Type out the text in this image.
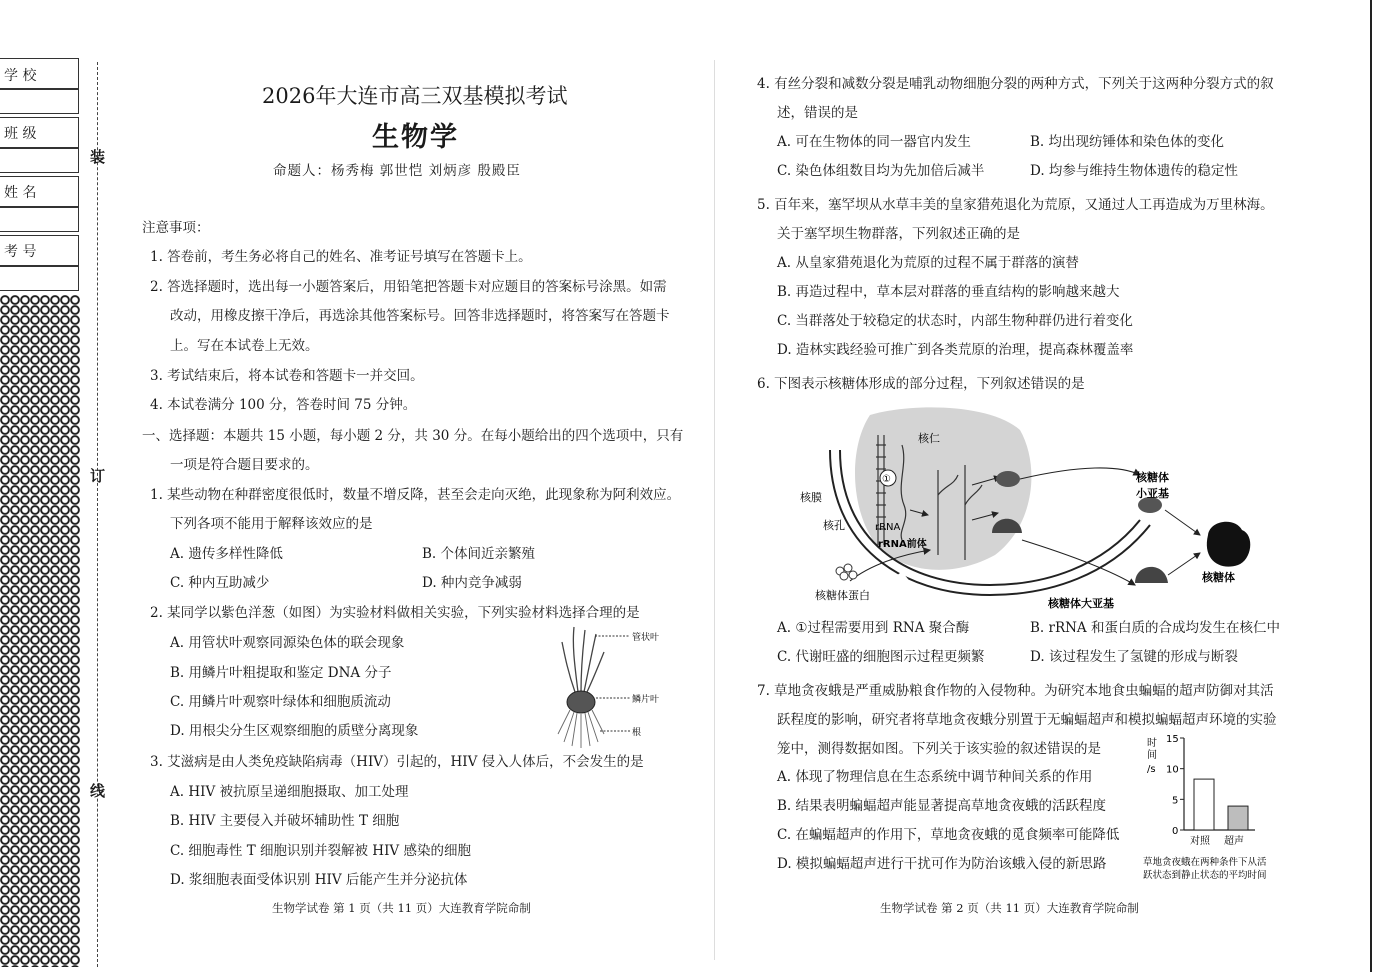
学 校
班 级
姓 名
考 号
装
订
线
2026年大连市高三双基模拟考试
生物学
命题人：杨秀梅 郭世恺 刘炳彦 殷殿臣
注意事项：
1. 答卷前，考生务必将自己的姓名、准考证号填写在答题卡上。
2. 答选择题时，选出每一小题答案后，用铅笔把答题卡对应题目的答案标号涂黑。如需
改动，用橡皮擦干净后，再选涂其他答案标号。回答非选择题时，将答案写在答题卡
上。写在本试卷上无效。
3. 考试结束后，将本试卷和答题卡一并交回。
4. 本试卷满分 100 分，答卷时间 75 分钟。
一、选择题：本题共 15 小题，每小题 2 分，共 30 分。在每小题给出的四个选项中，只有
一项是符合题目要求的。
1. 某些动物在种群密度很低时，数量不增反降，甚至会走向灭绝，此现象称为阿利效应。
下列各项不能用于解释该效应的是
A. 遗传多样性降低	B. 个体间近亲繁殖
C. 种内互助减少	D. 种内竞争减弱
2. 某同学以紫色洋葱（如图）为实验材料做相关实验，下列实验材料选择合理的是
A. 用管状叶观察同源染色体的联会现象
B. 用鳞片叶粗提取和鉴定 DNA 分子
C. 用鳞片叶观察叶绿体和细胞质流动
D. 用根尖分生区观察细胞的质壁分离现象
管状叶
鳞片叶
根
3. 艾滋病是由人类免疫缺陷病毒（HIV）引起的，HIV 侵入人体后，不会发生的是
A. HIV 被抗原呈递细胞摄取、加工处理
B. HIV 主要侵入并破坏辅助性 T 细胞
C. 细胞毒性 T 细胞识别并裂解被 HIV 感染的细胞
D. 浆细胞表面受体识别 HIV 后能产生并分泌抗体
生物学试卷 第 1 页（共 11 页）大连教育学院命制
4. 有丝分裂和减数分裂是哺乳动物细胞分裂的两种方式，下列关于这两种分裂方式的叙
述，错误的是
A. 可在生物体的同一器官内发生	B. 均出现纺锤体和染色体的变化
C. 染色体组数目均为先加倍后减半	D. 均参与维持生物体遗传的稳定性
5. 百年来，塞罕坝从水草丰美的皇家猎苑退化为荒原，又通过人工再造成为万里林海。
关于塞罕坝生物群落，下列叙述正确的是
A. 从皇家猎苑退化为荒原的过程不属于群落的演替
B. 再造过程中，草本层对群落的垂直结构的影响越来越大
C. 当群落处于较稳定的状态时，内部生物种群仍进行着变化
D. 造林实践经验可推广到各类荒原的治理，提高森林覆盖率
6. 下图表示核糖体形成的部分过程，下列叙述错误的是
①
核仁
核膜
核孔	rRNA
rRNA前体
核糖体蛋白
核糖体
小亚基
核糖体大亚基
核糖体
A. ①过程需要用到 RNA 聚合酶	B. rRNA 和蛋白质的合成均发生在核仁中
C. 代谢旺盛的细胞图示过程更频繁	D. 该过程发生了氢键的形成与断裂
7. 草地贪夜蛾是严重威胁粮食作物的入侵物种。为研究本地食虫蝙蝠的超声防御对其活
跃程度的影响，研究者将草地贪夜蛾分别置于无蝙蝠超声和模拟蝙蝠超声环境的实验
笼中，测得数据如图。下列关于该实验的叙述错误的是
A. 体现了物理信息在生态系统中调节种间关系的作用
B. 结果表明蝙蝠超声能显著提高草地贪夜蛾的活跃程度
C. 在蝙蝠超声的作用下，草地贪夜蛾的觅食频率可能降低
D. 模拟蝙蝠超声进行干扰可作为防治该蛾入侵的新思路
时
间
/s
0
5
10
15
对照 超声
草地贪夜蛾在两种条件下从活
跃状态到静止状态的平均时间
生物学试卷 第 2 页（共 11 页）大连教育学院命制
